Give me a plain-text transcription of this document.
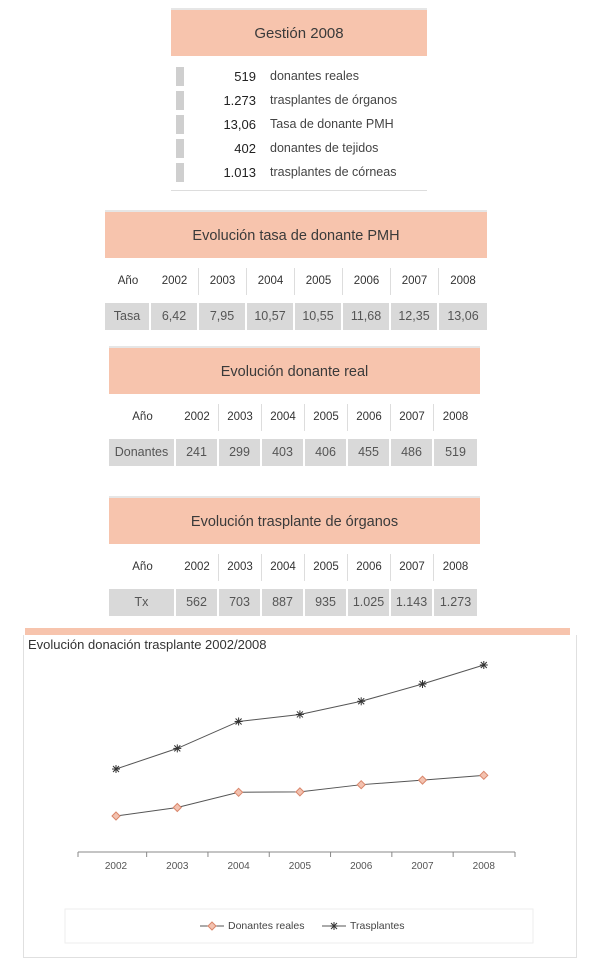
Gestión 2008
519 donantes reales
1.273 trasplantes de órganos
13,06 Tasa de donante PMH
402 donantes de tejidos
1.013 trasplantes de córneas
Evolución tasa de donante PMH
Año	2002	2003	2004	2005	2006	2007	2008
Tasa	6,42	7,95	10,57	10,55	11,68	12,35	13,06
Evolución donante real
Año	2002	2003	2004	2005	2006	2007	2008
Donantes	241	299	403	406	455	486	519
Evolución trasplante de órganos
Año	2002	2003	2004	2005	2006	2007	2008
Tx	562	703	887	935	1.025 1.143	1.273
Evolución donación trasplante 2002/2008
2002	2003	2004	2005	2006	2007	2008
Donantes reales	Trasplantes
